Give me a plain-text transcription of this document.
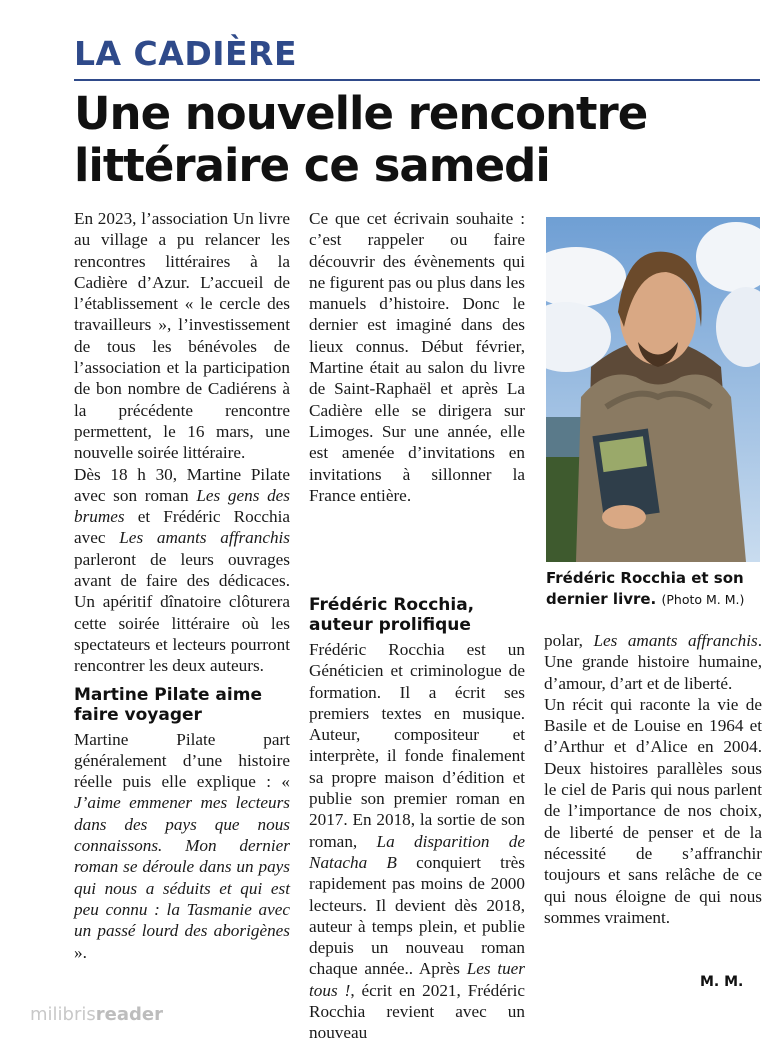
LA CADIÈRE
Une nouvelle rencontre littéraire ce samedi

En 2023, l’association Un livre au village a pu relancer les rencontres littéraires à la Cadière d’Azur. L’accueil de l’établissement « le cercle des travailleurs », l’investissement de tous les bénévoles de l’association et la participation de bon nombre de Cadiérens à la précédente rencontre permettent, le 16 mars, une nouvelle soirée littéraire.

Dès 18 h 30, Martine Pilate avec son roman Les gens des brumes et Frédéric Rocchia avec Les amants affranchis parleront de leurs ouvrages avant de faire des dédicaces. Un apéritif dînatoire clôturera cette soirée littéraire où les spectateurs et lecteurs pourront rencontrer les deux auteurs.

Martine Pilate aime faire voyager

Martine Pilate part généralement d’une histoire réelle puis elle explique : « J’aime emmener mes lecteurs dans des pays que nous connaissons. Mon dernier roman se déroule dans un pays qui nous a séduits et qui est peu connu : la Tasmanie avec un passé lourd des aborigènes ».

Ce que cet écrivain souhaite : c’est rappeler ou faire découvrir des évènements qui ne figurent pas ou plus dans les manuels d’histoire. Donc le dernier est imaginé dans des lieux connus. Début février, Martine était au salon du livre de Saint-Raphaël et après La Cadière elle se dirigera sur Limoges. Sur une année, elle est amenée d’invitations en invitations à sillonner la France entière.

Frédéric Rocchia, auteur prolifique

Frédéric Rocchia est un Généticien et criminologue de formation. Il a écrit ses premiers textes en musique. Auteur, compositeur et interprète, il fonde finalement sa propre maison d’édition et publie son premier roman en 2017. En 2018, la sortie de son roman, La disparition de Natacha B conquiert très rapidement pas moins de 2000 lecteurs. Il devient dès 2018, auteur à temps plein, et publie depuis un nouveau roman chaque année.. Après Les tuer tous !, écrit en 2021, Frédéric Rocchia revient avec un nouveau

Frédéric Rocchia et son dernier livre. (Photo M. M.)

polar, Les amants affranchis. Une grande histoire humaine, d’amour, d’art et de liberté.

Un récit qui raconte la vie de Basile et de Louise en 1964 et d’Arthur et d’Alice en 2004. Deux histoires parallèles sous le ciel de Paris qui nous parlent de l’importance de nos choix, de liberté de penser et de la nécessité de s’affranchir toujours et sans relâche de ce qui nous éloigne de qui nous sommes vraiment.

M. M.
milibrisreader
